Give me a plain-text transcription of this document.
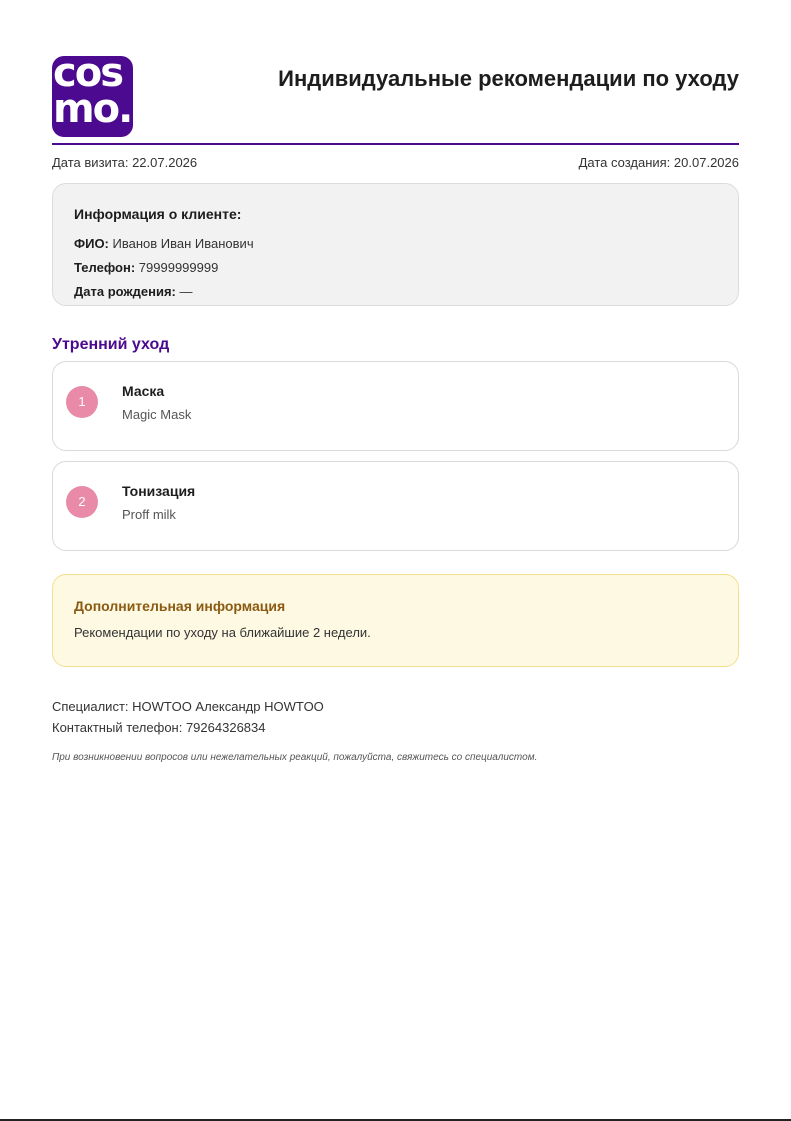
cos
mo.
Индивидуальные рекомендации по уходу
Дата визита: 22.07.2026	Дата создания: 20.07.2026
Информация о клиенте:
ФИО: Иванов Иван Иванович
Телефон: 79999999999
Дата рождения: —
Утренний уход
1
Маска
Magic Mask
2
Тонизация
Proff milk
Дополнительная информация
Рекомендации по уходу на ближайшие 2 недели.
Специалист: HOWTOO Александр HOWTOO
Контактный телефон: 79264326834
При возникновении вопросов или нежелательных реакций, пожалуйста, свяжитесь со специалистом.
